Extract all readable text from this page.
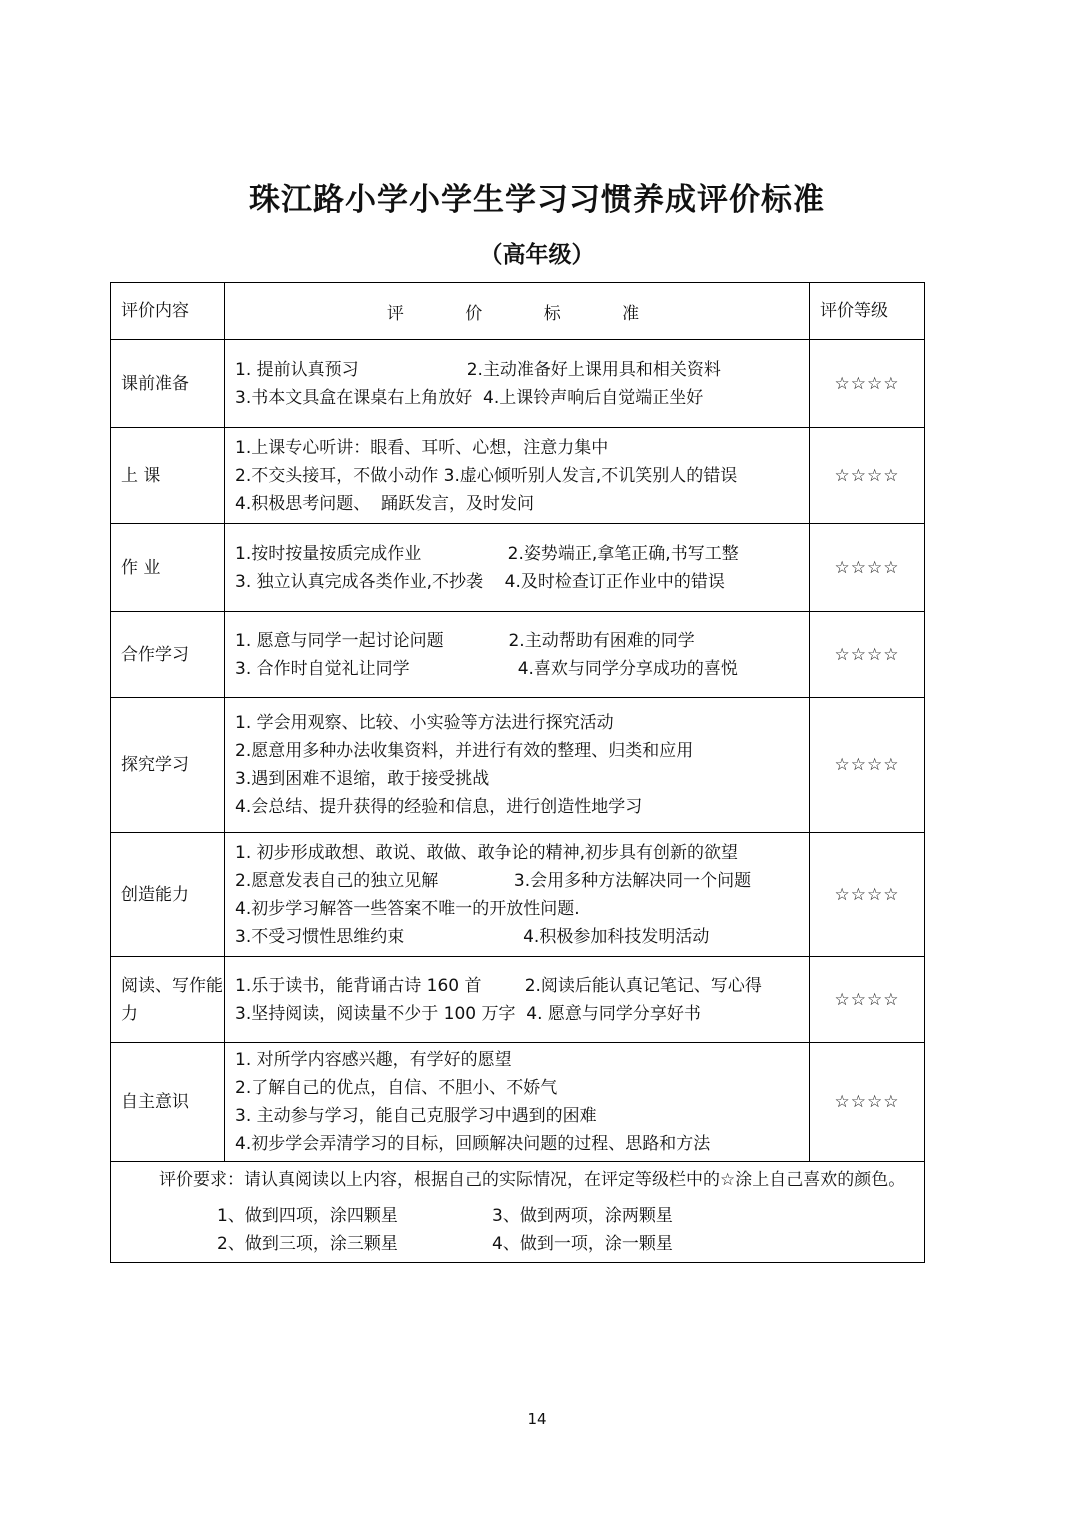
珠江路小学小学生学习习惯养成评价标准
（高年级）
评价内容	评 价 标 准	评价等级
课前准备	1. 提前认真预习                    2.主动准备好上课用具和相关资料
3.书本文具盒在课桌右上角放好  4.上课铃声响后自觉端正坐好	☆☆☆☆
上 课	1.上课专心听讲：眼看、耳听、心想，注意力集中
2.不交头接耳，不做小动作 3.虚心倾听别人发言,不讥笑别人的错误
4.积极思考问题、  踊跃发言，及时发问	☆☆☆☆
作 业	1.按时按量按质完成作业                2.姿势端正,拿笔正确,书写工整
3. 独立认真完成各类作业,不抄袭    4.及时检查订正作业中的错误	☆☆☆☆
合作学习	1. 愿意与同学一起讨论问题            2.主动帮助有困难的同学
3. 合作时自觉礼让同学                    4.喜欢与同学分享成功的喜悦	☆☆☆☆
探究学习	1. 学会用观察、比较、小实验等方法进行探究活动
2.愿意用多种办法收集资料，并进行有效的整理、归类和应用
3.遇到困难不退缩，敢于接受挑战
4.会总结、提升获得的经验和信息，进行创造性地学习	☆☆☆☆
创造能力	1. 初步形成敢想、敢说、敢做、敢争论的精神,初步具有创新的欲望
2.愿意发表自己的独立见解              3.会用多种方法解决同一个问题
4.初步学习解答一些答案不唯一的开放性问题.
3.不受习惯性思维约束                      4.积极参加科技发明活动	☆☆☆☆
阅读、写作能力	1.乐于读书，能背诵古诗 160 首        2.阅读后能认真记笔记、写心得
3.坚持阅读，阅读量不少于 100 万字  4. 愿意与同学分享好书	☆☆☆☆
自主意识	1. 对所学内容感兴趣，有学好的愿望
2.了解自己的优点，自信、不胆小、不娇气
3. 主动参与学习，能自己克服学习中遇到的困难
4.初步学会弄清学习的目标，回顾解决问题的过程、思路和方法	☆☆☆☆

评价要求：请认真阅读以上内容，根据自己的实际情况，在评定等级栏中的☆涂上自己喜欢的颜色。
1、做到四项，涂四颗星 3、做到两项，涂两颗星
2、做到三项，涂三颗星 4、做到一项，涂一颗星		
14
